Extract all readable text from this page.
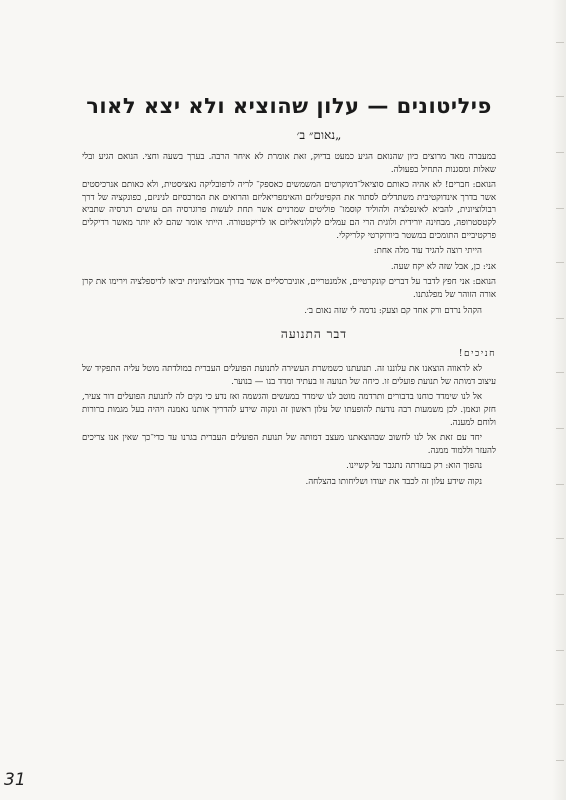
פיליטונים — עלון שהוציא ולא יצא לאור
„נאום״ ב׳

במעברה מאד מרוצים כיון שהנואם הגיע כמעט בדיוק, זאת אומרת לא איחר הרבה. בערך בשעה וחצי. הנואם הגיע ובלי שאלות ומסגנות התחיל בפעולה.

הנואם: חברים! לא אהיה כאותם סוציאל־דמוקרטים המשמשים כאספק־ לריה לרפובליקה נאציסטית, ולא כאותם אנרכיסטים אשר בדרך אינדוקטיבית משתדלים לסתור את הקפיטליזם והאימפריאליזם והרואים את המרכסיזם לניניזם, כפונקציה של דרך רבולוציונית, להביא לאינפלציה ולהוליד קוסמו־ פוליטים שמרניים אשר תחת לעשות פרוגרסיה הם עושים רגרסיה שתביא לקטסטרופה, מבחינה יורידית ולוגית הרי הם עמלים לקולוניאליזם או לדיקטטורה. הייתי אומר שהם לא יותר מאשר רדיקלים פרקטיביים התומכים במשטר ביורוקרטי קלריקלי.

הייתי רוצה להגיד עוד מלה אחת:

אני: כן, אבל שזה לא יקח שעה.

הנואם: אני חפץ לדבר על דברים קונקרטיים, אלמנטריים, אוניברסליים אשר בדרך אבולוציונית יביאו לדיספלציה וירימו את קרן אורה הזוהר של מפלגתנו.

הקהל נרדם ורק אחד קם וצעק: נדמה לי שזה נאום ב׳.

דבר התנועה
חניכים!

לא לראווה הוצאנו את עלוננו זה. תנועתנו כשמשרת העשירה לתנועת הפועלים העברית במולדתה מוטל עליה התפקיד של עיצוב דמותה של תנועת פועלים זו. כיחה של תנועה זו בעתיד ומדד בנו — בנוער.

אל לנו שימדד כוחנו בדבורים ותרדמה מוטב לנו שימדד במעשים והגשמה ואז נדע כי נקים לה לתנועת הפועלים דור צעיר, חזק ונאמן. לכן משמעות רבה נודעת להופעתו של עלון ראשון זה ונקוה שידע להדריך אותנו נאמנה ויהיה בעל מגמות ברורות ולוחם למענה.

יחד עם זאת אל לנו לחשוב שבהוצאתנו מעצב דמותה של תנועת הפועלים העברית בגרנו עד כדי־כך שאין אנו צריכים להעזר וללמוד ממנה.

נהפוך הוא: רק בעזרתה נתגבר על קשיינו.

נקוה שידע עלון זה לכבד את יעודו ושליחותו בהצלחה.

31
